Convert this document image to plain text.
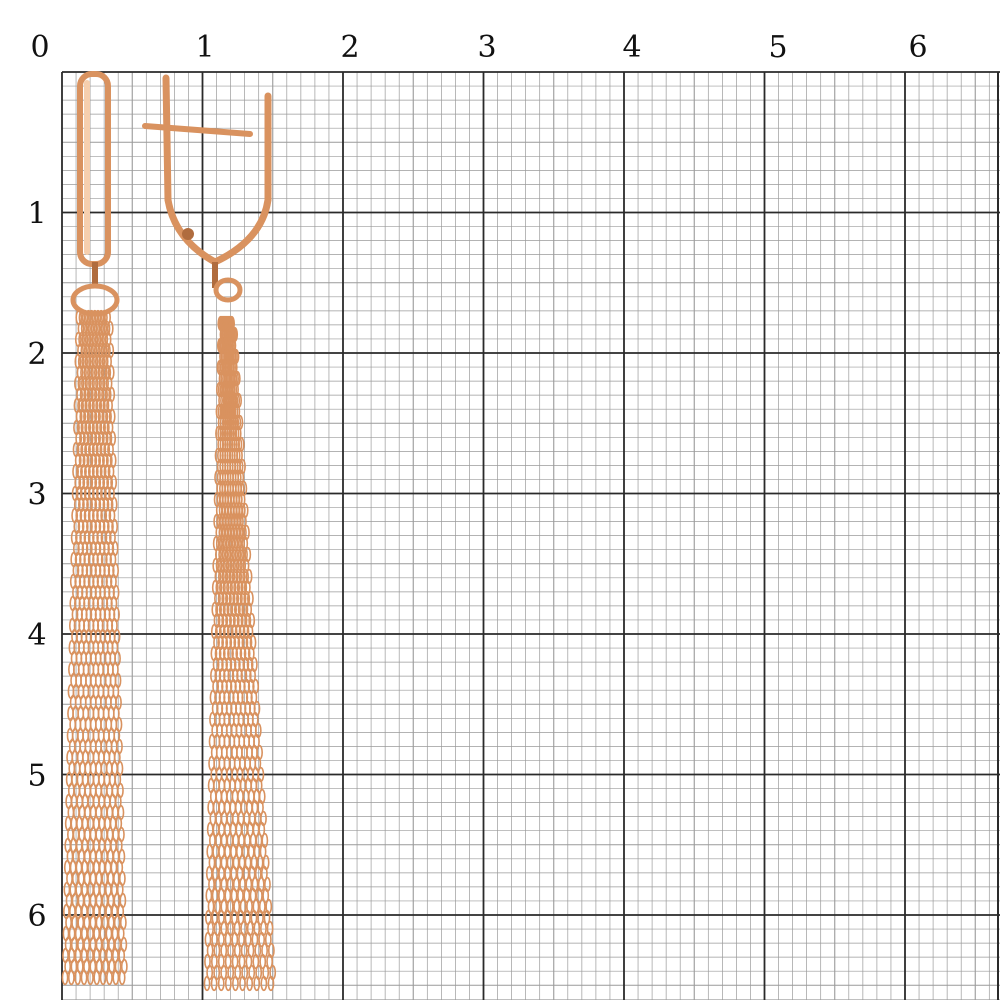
0	1	2	3	4	5	6
1
2
3
4
5
6
